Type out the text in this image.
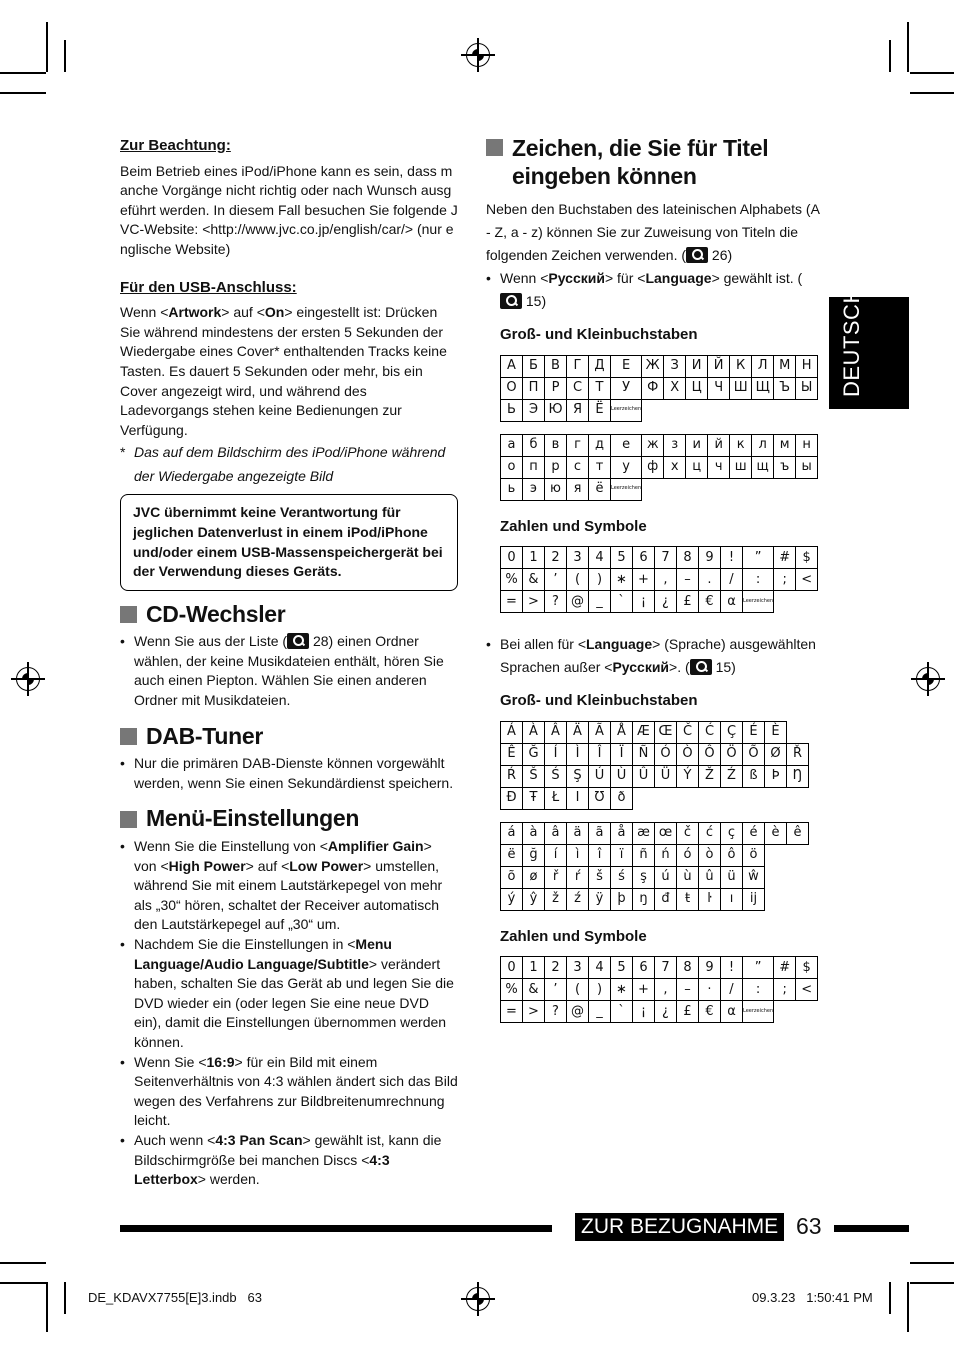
DEUTSCH
Zur Beachtung:

Beim Betrieb eines iPod/iPhone kann es sein, dass manche Vorgänge nicht richtig oder nach Wunsch ausgeführt werden. In diesem Fall besuchen Sie folgende JVC-Website: <http://www.jvc.co.jp/english/car/> (nur englische Website)

Für den USB-Anschluss:

Wenn <Artwork> auf <On> eingestellt ist: Drücken Sie während mindestens der ersten 5 Sekunden der Wiedergabe eines Cover* enthaltenden Tracks keine Tasten. Es dauert 5 Sekunden oder mehr, bis ein Cover angezeigt wird, und während des Ladevorgangs stehen keine Bedienungen zur Verfügung.

* Das auf dem Bildschirm des iPod/iPhone während der Wiedergabe angezeigte Bild

JVC übernimmt keine Verantwortung für jeglichen Datenverlust in einem iPod/iPhone und/oder einem USB-Massenspeichergerät bei der Verwendung dieses Geräts.
CD-Wechsler
• Wenn Sie aus der Liste ( 28) einen Ordner wählen, der keine Musikdateien enthält, hören Sie auch einen Piepton. Wählen Sie einen anderen Ordner mit Musikdateien.
DAB-Tuner
• Nur die primären DAB-Dienste können vorgewählt werden, wenn Sie einen Sekundärdienst speichern.
Menü-Einstellungen
• Wenn Sie die Einstellung von <Amplifier Gain> von <High Power> auf <Low Power> umstellen, während Sie mit einem Lautstärkepegel von mehr als „30“ hören, schaltet der Receiver automatisch den Lautstärkepegel auf „30“ um.
• Nachdem Sie die Einstellungen in <Menu Language/Audio Language/Subtitle> verändert haben, schalten Sie das Gerät ab und legen Sie die DVD wieder ein (oder legen Sie eine neue DVD ein), damit die Einstellungen übernommen werden können.
• Wenn Sie <16:9> für ein Bild mit einem Seitenverhältnis von 4:3 wählen ändert sich das Bild wegen des Verfahrens zur Bildbreitenumrechnung leicht.
• Auch wenn <4:3 Pan Scan> gewählt ist, kann die Bildschirmgröße bei manchen Discs <4:3 Letterbox> werden.
Zeichen, die Sie für Titel eingeben können

Neben den Buchstaben des lateinischen Alphabets (A - Z, a - z) können Sie zur Zuweisung von Titeln die folgenden Zeichen verwenden. ( 26)

• Wenn <Русский> für <Language> gewählt ist. ( 15)
Groß- und Kleinbuchstaben
А	Б	В	Г	Д	Е	Ж	З	И	Й	К	Л	М	Н
О	П	Р	С	Т	У	Ф	Х	Ц	Ч	Ш	Щ	Ъ	Ы
Ь	Э	Ю	Я	Ё	Leerzeichen								
а	б	в	г	д	е	ж	з	и	й	к	л	м	н
о	п	р	с	т	у	ф	х	ц	ч	ш	щ	ъ	ы
ь	э	ю	я	ё	Leerzeichen								
Zahlen und Symbole
0	1	2	3	4	5	6	7	8	9	!	”	#	$
%	&	’	(	)	∗	+	,	–	.	/	:	;	<
=	>	?	@	_	`	¡	¿	£	€	α	Leerzeichen		
• Bei allen für <Language> (Sprache) ausgewählten Sprachen außer <Русский>. ( 15)
Groß- und Kleinbuchstaben
Á	À	Â	Ä	Ã	Å	Æ	Œ	Č	Ć	Ç	É	È	
Ê	Ğ	Í	Ì	Î	Ï	Ñ	Ó	Ò	Ô	Ö	Õ	Ø	Ř
Ŕ	Š	Ś	Ş	Ú	Ù	Û	Ü	Ý	Ž	Ź	ß	Þ	Ŋ
Đ	Ŧ	Ł	Ι	Ʊ	ð								
á	à	â	ä	ã	å	æ	œ	č	ć	ç	é	è	ê
ë	ğ	í	ì	î	ï	ñ	ń	ó	ò	ô	ö		
õ	ø	ř	ŕ	š	ś	ş	ú	ù	û	ü	ŵ		
ý	ŷ	ž	ź	ÿ	þ	ŋ	đ	ŧ	ŀ	ı	ij		
Zahlen und Symbole
0	1	2	3	4	5	6	7	8	9	!	”	#	$
%	&	’	(	)	∗	+	,	–	·	/	:	;	<
=	>	?	@	_	`	¡	¿	£	€	α	Leerzeichen		
ZUR BEZUGNAHME 63
DE_KDAVX7755[E]3.indb   63	09.3.23   1:50:41 PM
